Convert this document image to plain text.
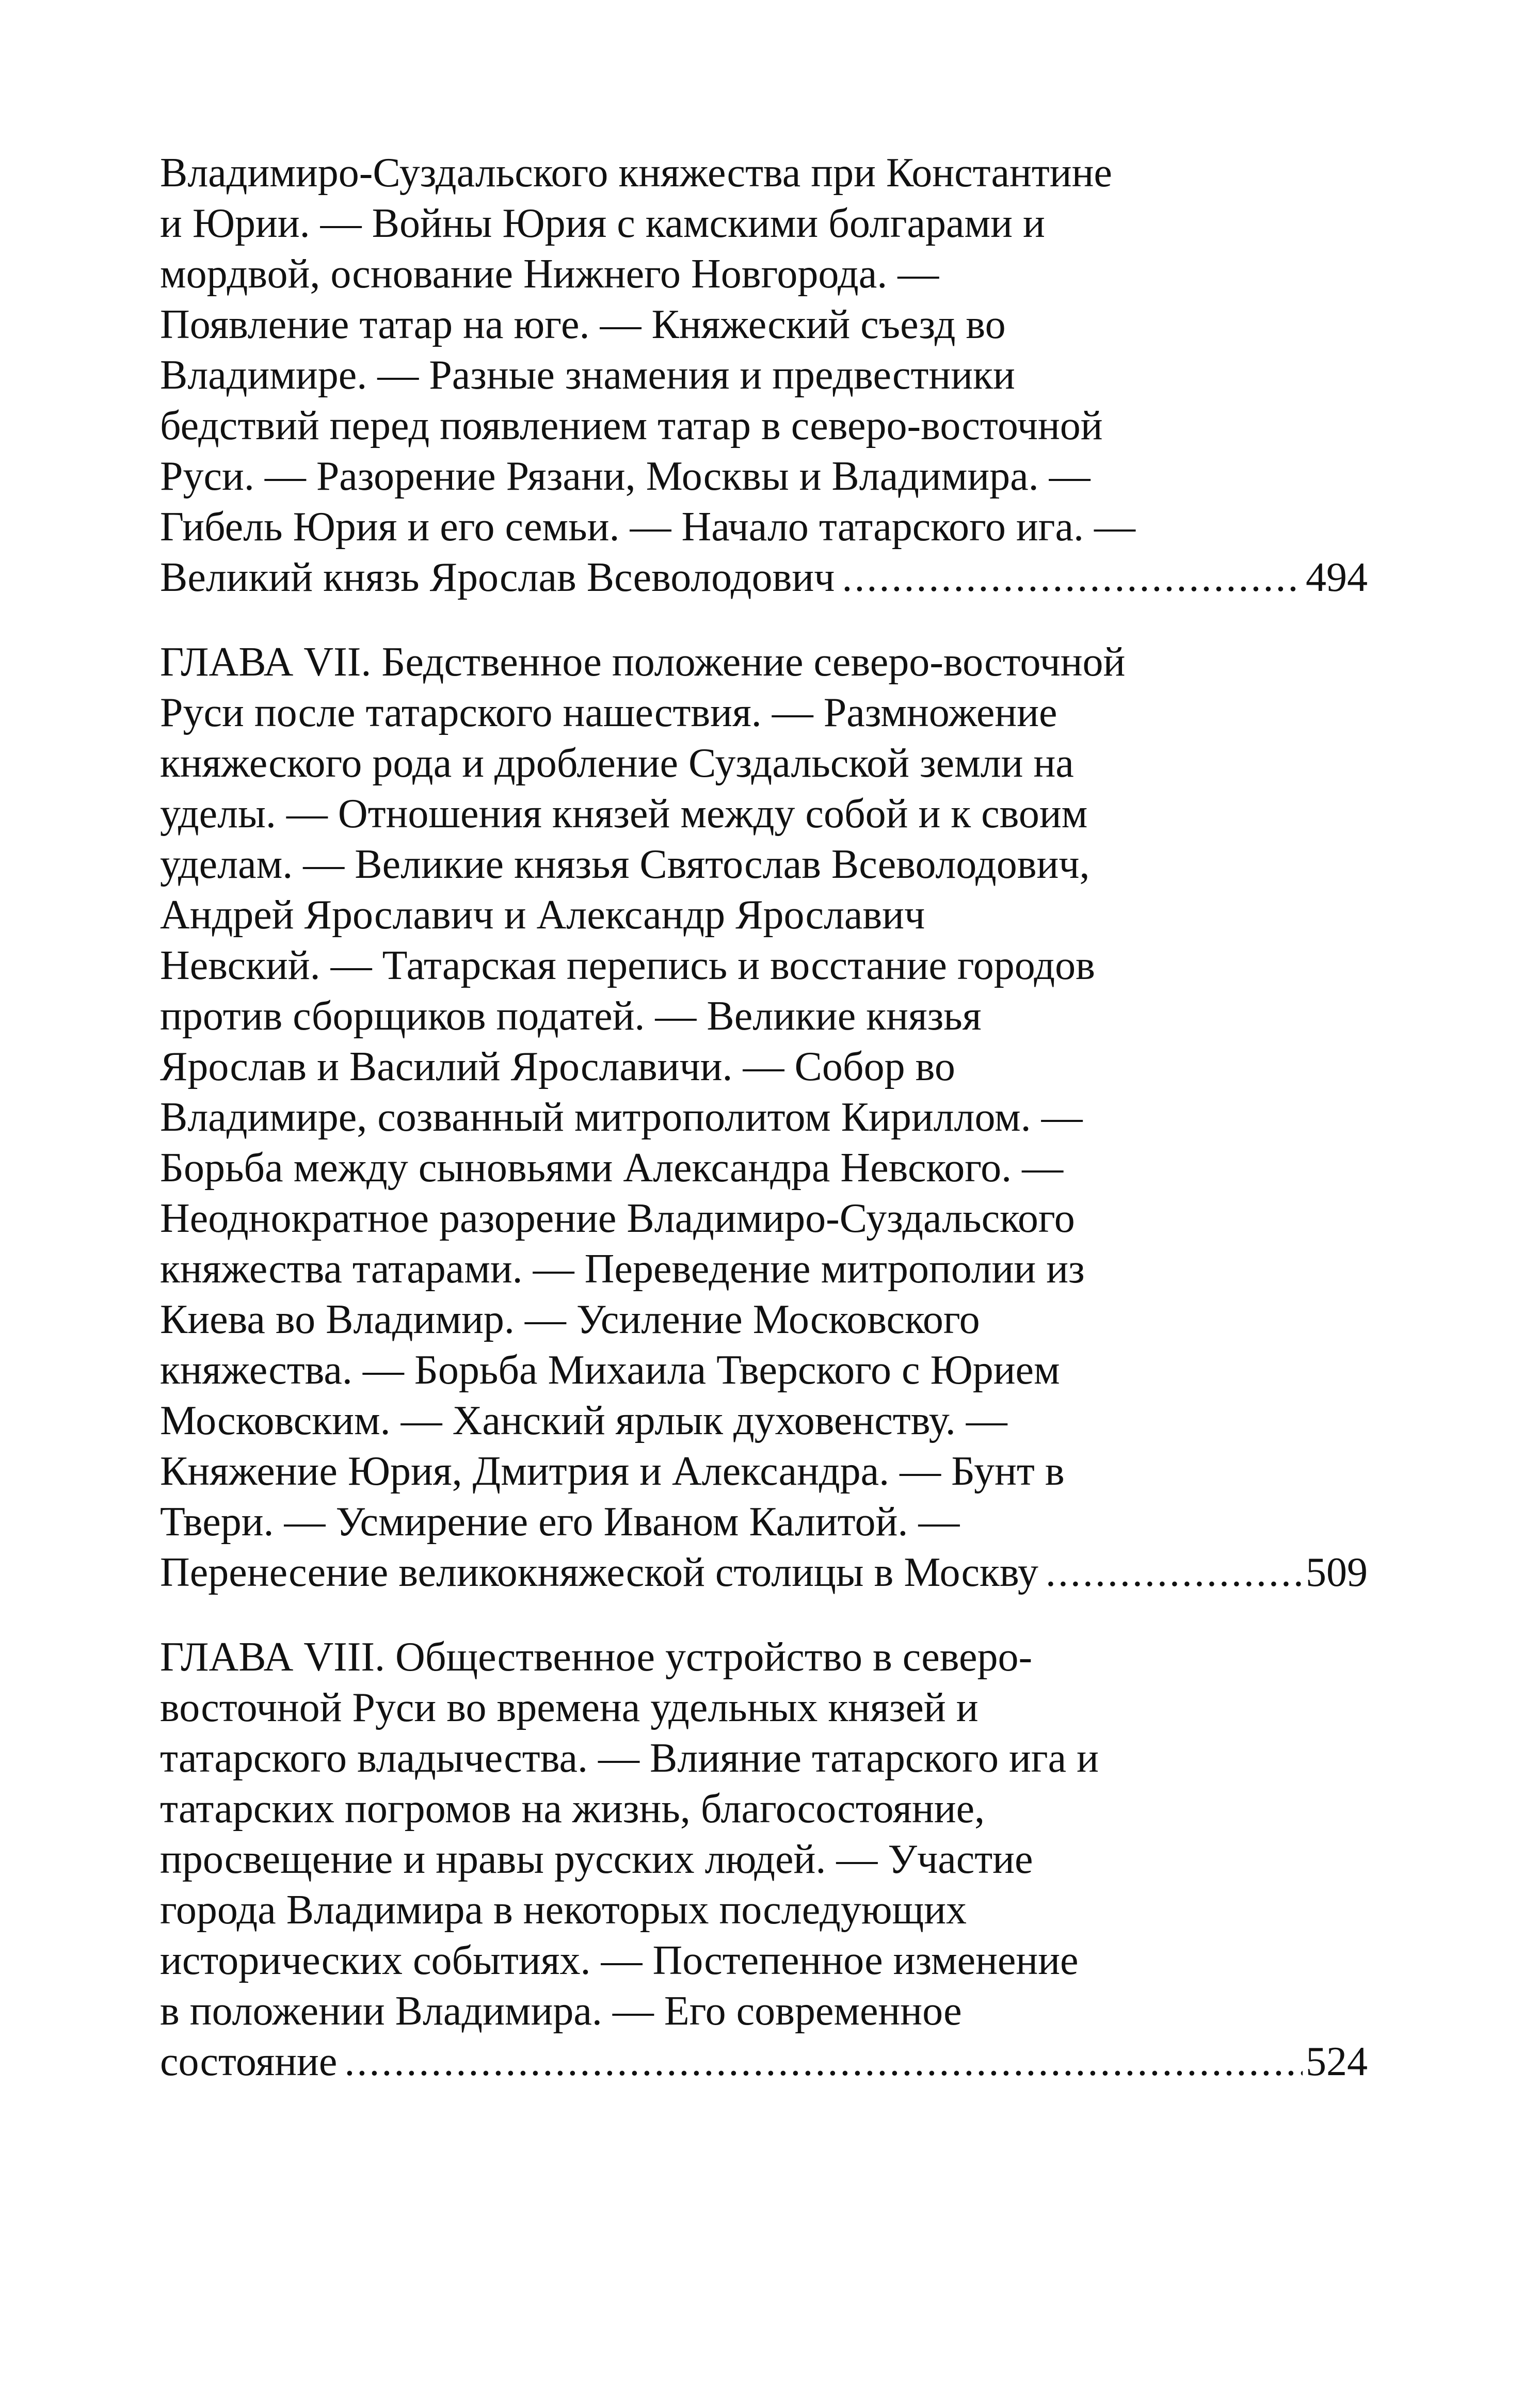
Владимиро-Суздальского княжества при Константине
и Юрии. — Войны Юрия с камскими болгарами и
мордвой, основание Нижнего Новгорода. —
Появление татар на юге. — Княжеский съезд во
Владимире. — Разные знамения и предвестники
бедствий перед появлением татар в северо-восточной
Руси. — Разорение Рязани, Москвы и Владимира. —
Гибель Юрия и его семьи. — Начало татарского ига. —
Великий князь Ярослав Всеволодович .....	494
ГЛАВА VII. Бедственное положение северо-восточной
Руси после татарского нашествия. — Размножение
княжеского рода и дробление Суздальской земли на
уделы. — Отношения князей между собой и к своим
уделам. — Великие князья Святослав Всеволодович,
Андрей Ярославич и Александр Ярославич
Невский. — Татарская перепись и восстание городов
против сборщиков податей. — Великие князья
Ярослав и Василий Ярославичи. — Собор во
Владимире, созванный митрополитом Кириллом. —
Борьба между сыновьями Александра Невского. —
Неоднократное разорение Владимиро-Суздальского
княжества татарами. — Переведение митрополии из
Киева во Владимир. — Усиление Московского
княжества. — Борьба Михаила Тверского с Юрием
Московским. — Ханский ярлык духовенству. —
Княжение Юрия, Дмитрия и Александра. — Бунт в
Твери. — Усмирение его Иваном Калитой. —
Перенесение великокняжеской столицы в Москву .....	509
ГЛАВА VIII. Общественное устройство в северо-
восточной Руси во времена удельных князей и
татарского владычества. — Влияние татарского ига и
татарских погромов на жизнь, благосостояние,
просвещение и нравы русских людей. — Участие
города Владимира в некоторых последующих
исторических событиях. — Постепенное изменение
в положении Владимира. — Его современное
состояние .....	524
